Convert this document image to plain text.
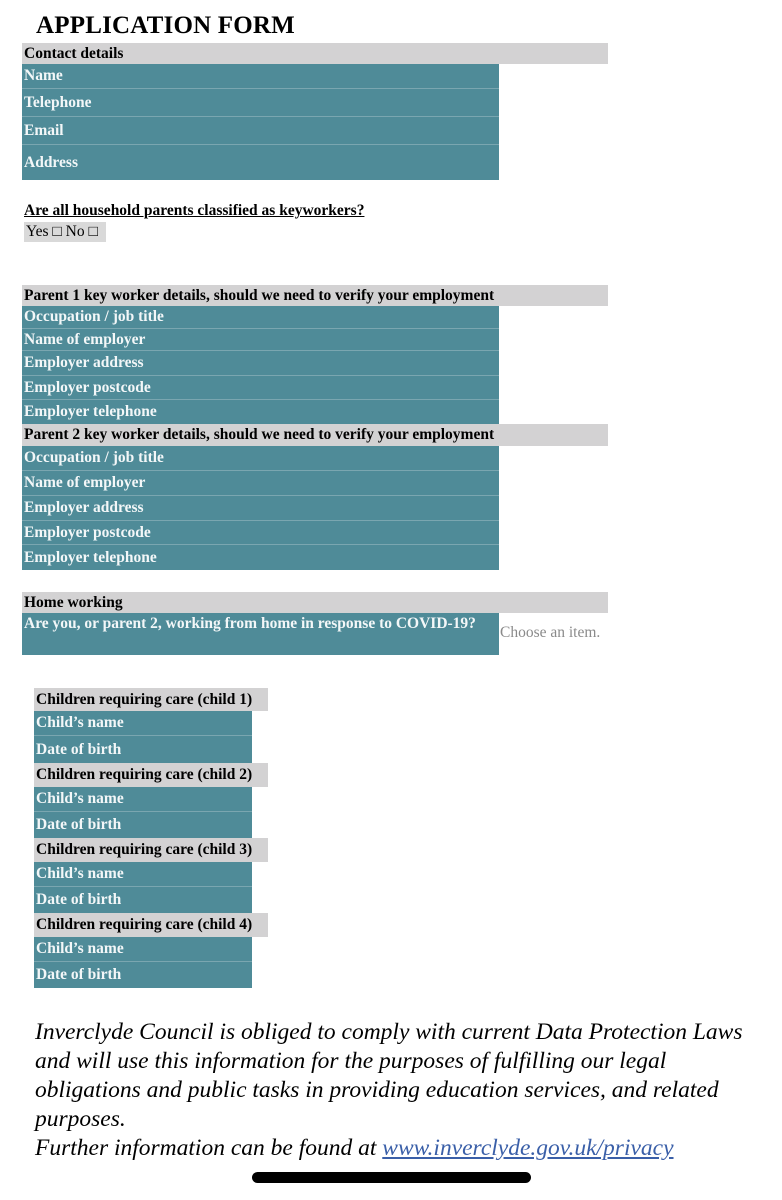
APPLICATION FORM
Contact details
Name
Telephone
Email
Address
Are all household parents classified as keyworkers?
Yes □ No □
Parent 1 key worker details, should we need to verify your employment
Occupation / job title
Name of employer
Employer address
Employer postcode
Employer telephone
Parent 2 key worker details, should we need to verify your employment
Occupation / job title
Name of employer
Employer address
Employer postcode
Employer telephone
Home working
Are you, or parent 2, working from home in response to COVID-19?
Choose an item.
Children requiring care (child 1)
Child’s name
Date of birth
Children requiring care (child 2)
Child’s name
Date of birth
Children requiring care (child 3)
Child’s name
Date of birth
Children requiring care (child 4)
Child’s name
Date of birth
Inverclyde Council is obliged to comply with current Data Protection Laws and will use this information for the purposes of fulfilling our legal obligations and public tasks in providing education services, and related purposes.
Further information can be found at www.inverclyde.gov.uk/privacy
